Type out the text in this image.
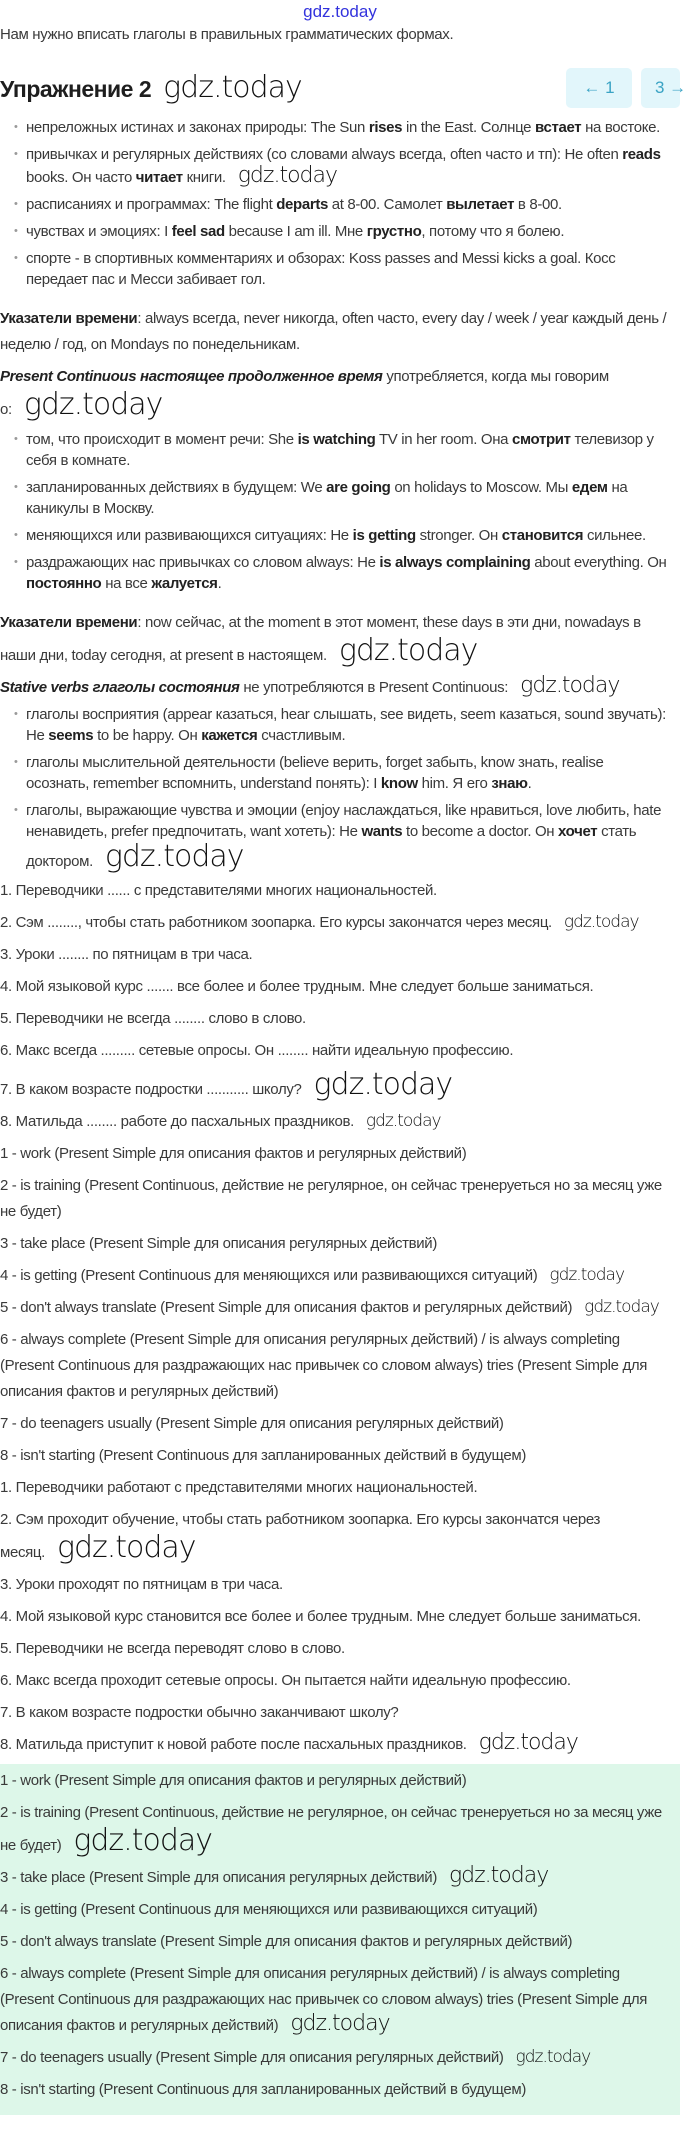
gdz.today
Нам нужно вписать глаголы в правильных грамматических формах.
Упражнение 2 gdz.today	← 1	3 →
• непреложных истинах и законах природы: The Sun rises in the East. Солнце встает на востоке.
• привычках и регулярных действиях (со словами always всегда, often часто и тп): He often reads books. Он часто читает книги. gdz.today
• расписаниях и программах: The flight departs at 8-00. Самолет вылетает в 8-00.
• чувствах и эмоциях: I feel sad because I am ill. Мне грустно, потому что я болею.
• спорте - в спортивных комментариях и обзорах: Koss passes and Messi kicks a goal. Косс передает пас и Месси забивает гол.
Указатели времени: always всегда, never никогда, often часто, every day / week / year каждый день / неделю / год, on Mondays по понедельникам.
Present Continuous настоящее продолженное время употребляется, когда мы говорим о: gdz.today
• том, что происходит в момент речи: She is watching TV in her room. Она смотрит телевизор у себя в комнате.
• запланированных действиях в будущем: We are going on holidays to Moscow. Мы едем на каникулы в Москву.
• меняющихся или развивающихся ситуациях: He is getting stronger. Он становится сильнее.
• раздражающих нас привычках со словом always: He is always complaining about everything. Он постоянно на все жалуется.
Указатели времени: now сейчас, at the moment в этот момент, these days в эти дни, nowadays в наши дни, today сегодня, at present в настоящем. gdz.today
Stative verbs глаголы состояния не употребляются в Present Continuous: gdz.today
• глаголы восприятия (appear казаться, hear слышать, see видеть, seem казаться, sound звучать): He seems to be happy. Он кажется счастливым.
• глаголы мыслительной деятельности (believe верить, forget забыть, know знать, realise осознать, remember вспомнить, understand понять): I know him. Я его знаю.
• глаголы, выражающие чувства и эмоции (enjoy наслаждаться, like нравиться, love любить, hate ненавидеть, prefer предпочитать, want хотеть): He wants to become a doctor. Он хочет стать доктором. gdz.today
1. Переводчики ...... с представителями многих национальностей.
2. Сэм ........, чтобы стать работником зоопарка. Его курсы закончатся через месяц. gdz.today
3. Уроки ........ по пятницам в три часа.
4. Мой языковой курс ....... все более и более трудным. Мне следует больше заниматься.
5. Переводчики не всегда ........ слово в слово.
6. Макс всегда ......... сетевые опросы. Он ........ найти идеальную профессию.
7. В каком возрасте подростки ........... школу? gdz.today
8. Матильда ........ работе до пасхальных праздников. gdz.today
1 - work (Present Simple для описания фактов и регулярных действий)
2 - is training (Present Continuous, действие не регулярное, он сейчас тренеруеться но за месяц уже не будет)
3 - take place (Present Simple для описания регулярных действий)
4 - is getting (Present Continuous для меняющихся или развивающихся ситуаций) gdz.today
5 - don't always translate (Present Simple для описания фактов и регулярных действий) gdz.today
6 - always complete (Present Simple для описания регулярных действий) / is always completing (Present Continuous для раздражающих нас привычек со словом always) tries (Present Simple для описания фактов и регулярных действий)
7 - do teenagers usually (Present Simple для описания регулярных действий)
8 - isn't starting (Present Continuous для запланированных действий в будущем)
1. Переводчики работают с представителями многих национальностей.
2. Сэм проходит обучение, чтобы стать работником зоопарка. Его курсы закончатся через месяц. gdz.today
3. Уроки проходят по пятницам в три часа.
4. Мой языковой курс становится все более и более трудным. Мне следует больше заниматься.
5. Переводчики не всегда переводят слово в слово.
6. Макс всегда проходит сетевые опросы. Он пытается найти идеальную профессию.
7. В каком возрасте подростки обычно заканчивают школу?
8. Матильда приступит к новой работе после пасхальных праздников. gdz.today
1 - work (Present Simple для описания фактов и регулярных действий)
2 - is training (Present Continuous, действие не регулярное, он сейчас тренеруеться но за месяц уже не будет) gdz.today
3 - take place (Present Simple для описания регулярных действий) gdz.today
4 - is getting (Present Continuous для меняющихся или развивающихся ситуаций)
5 - don't always translate (Present Simple для описания фактов и регулярных действий)
6 - always complete (Present Simple для описания регулярных действий) / is always completing (Present Continuous для раздражающих нас привычек со словом always) tries (Present Simple для описания фактов и регулярных действий) gdz.today
7 - do teenagers usually (Present Simple для описания регулярных действий) gdz.today
8 - isn't starting (Present Continuous для запланированных действий в будущем)
